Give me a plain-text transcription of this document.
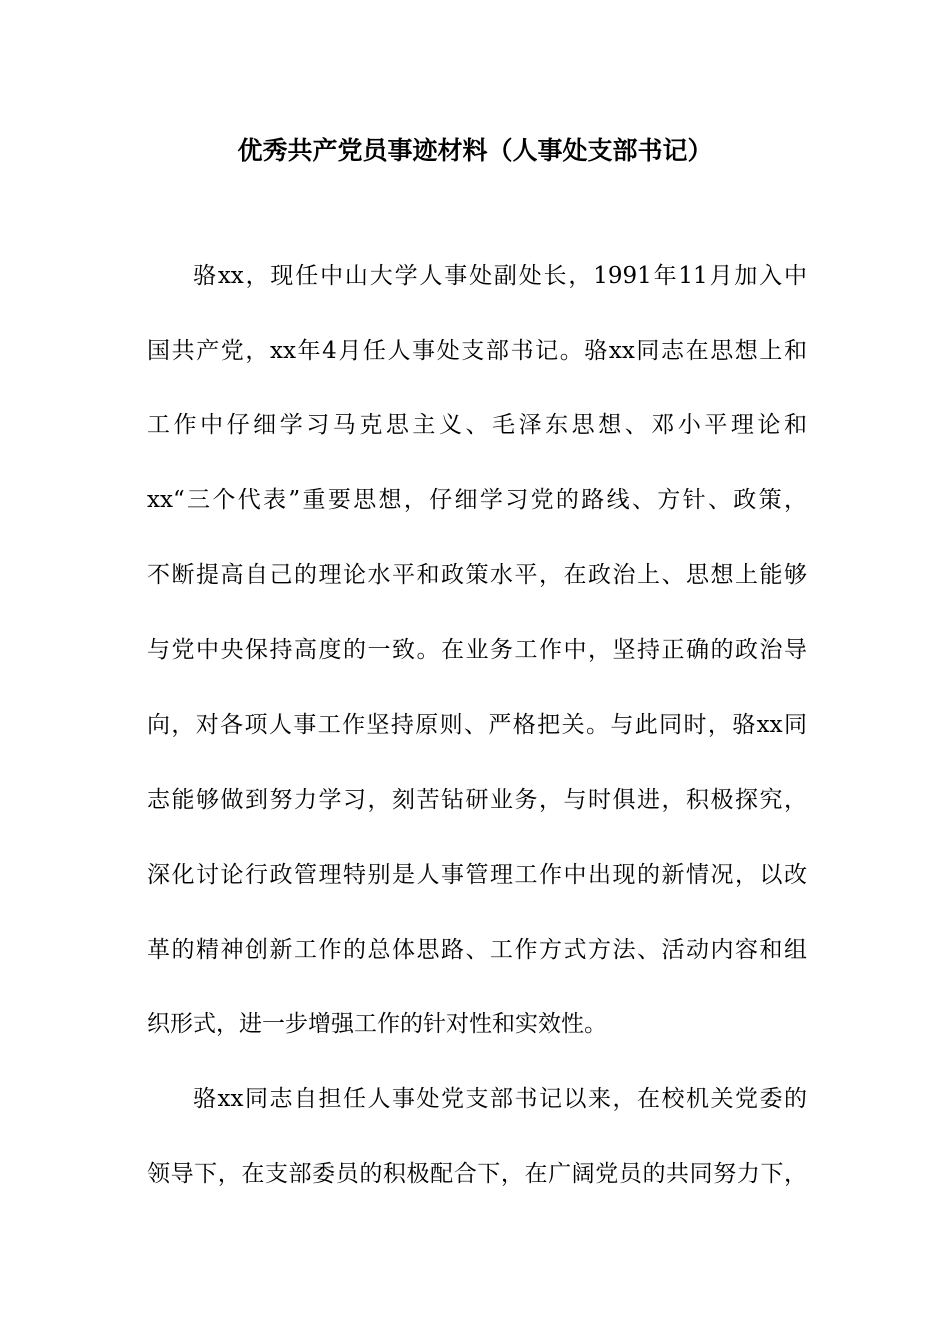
优秀共产党员事迹材料（人事处支部书记）

骆xx，现任中山大学人事处副处长，1991年11月加入中

国共产党，xx年4月任人事处支部书记。骆xx同志在思想上和

工作中仔细学习马克思主义、毛泽东思想、邓小平理论和

xx“三个代表”重要思想，仔细学习党的路线、方针、政策，

不断提高自己的理论水平和政策水平，在政治上、思想上能够

与党中央保持高度的一致。在业务工作中，坚持正确的政治导

向，对各项人事工作坚持原则、严格把关。与此同时，骆xx同

志能够做到努力学习，刻苦钻研业务，与时俱进，积极探究，

深化讨论行政管理特别是人事管理工作中出现的新情况，以改

革的精神创新工作的总体思路、工作方式方法、活动内容和组

织形式，进一步增强工作的针对性和实效性。

骆xx同志自担任人事处党支部书记以来，在校机关党委的

领导下，在支部委员的积极配合下，在广阔党员的共同努力下，
